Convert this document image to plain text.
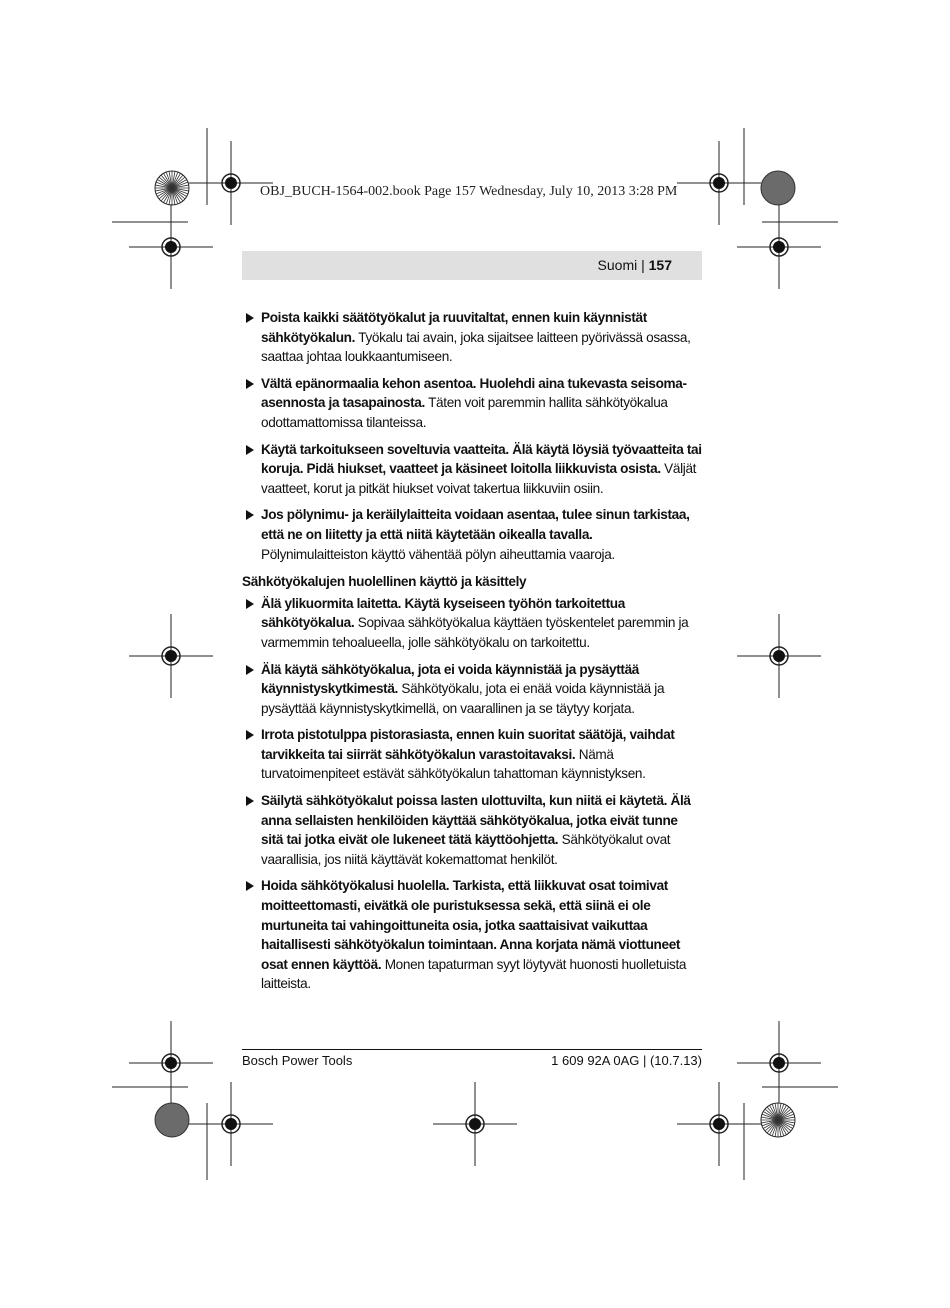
OBJ_BUCH-1564-002.book Page 157 Wednesday, July 10, 2013 3:28 PM
Suomi | 157
Poista kaikki säätötyökalut ja ruuvitaltat, ennen kuin käynnistät sähkötyökalun. Työkalu tai avain, joka sijaitsee laitteen pyörivässä osassa, saattaa johtaa loukkaantumiseen.
Vältä epänormaalia kehon asentoa. Huolehdi aina tukevasta seisoma-asennosta ja tasapainosta. Täten voit paremmin hallita sähkötyökalua odottamattomissa tilanteissa.
Käytä tarkoitukseen soveltuvia vaatteita. Älä käytä löysiä työvaatteita tai koruja. Pidä hiukset, vaatteet ja käsineet loitolla liikkuvista osista. Väljät vaatteet, korut ja pitkät hiukset voivat takertua liikkuviin osiin.
Jos pölynimu- ja keräilylaitteita voidaan asentaa, tulee sinun tarkistaa, että ne on liitetty ja että niitä käytetään oikealla tavalla. Pölynimulaitteiston käyttö vähentää pölyn aiheuttamia vaaroja.
Sähkötyökalujen huolellinen käyttö ja käsittely
Älä ylikuormita laitetta. Käytä kyseiseen työhön tarkoitettua sähkötyökalua. Sopivaa sähkötyökalua käyttäen työskentelet paremmin ja varmemmin tehoalueella, jolle sähkötyökalu on tarkoitettu.
Älä käytä sähkötyökalua, jota ei voida käynnistää ja pysäyttää käynnistyskytkimestä. Sähkötyökalu, jota ei enää voida käynnistää ja pysäyttää käynnistyskytkimellä, on vaarallinen ja se täytyy korjata.
Irrota pistotulppa pistorasiasta, ennen kuin suoritat säätöjä, vaihdat tarvikkeita tai siirrät sähkötyökalun varastoitavaksi. Nämä turvatoimenpiteet estävät sähkötyökalun tahattoman käynnistyksen.
Säilytä sähkötyökalut poissa lasten ulottuvilta, kun niitä ei käytetä. Älä anna sellaisten henkilöiden käyttää sähkötyökalua, jotka eivät tunne sitä tai jotka eivät ole lukeneet tätä käyttöohjetta. Sähkötyökalut ovat vaarallisia, jos niitä käyttävät kokemattomat henkilöt.
Hoida sähkötyökalusi huolella. Tarkista, että liikkuvat osat toimivat moitteettomasti, eivätkä ole puristuksessa sekä, että siinä ei ole murtuneita tai vahingoittuneita osia, jotka saattaisivat vaikuttaa haitallisesti sähkötyökalun toimintaan. Anna korjata nämä viottuneet osat ennen käyttöä. Monen tapaturman syyt löytyvät huonosti huolletuista laitteista.
Bosch Power Tools	1 609 92A 0AG | (10.7.13)
